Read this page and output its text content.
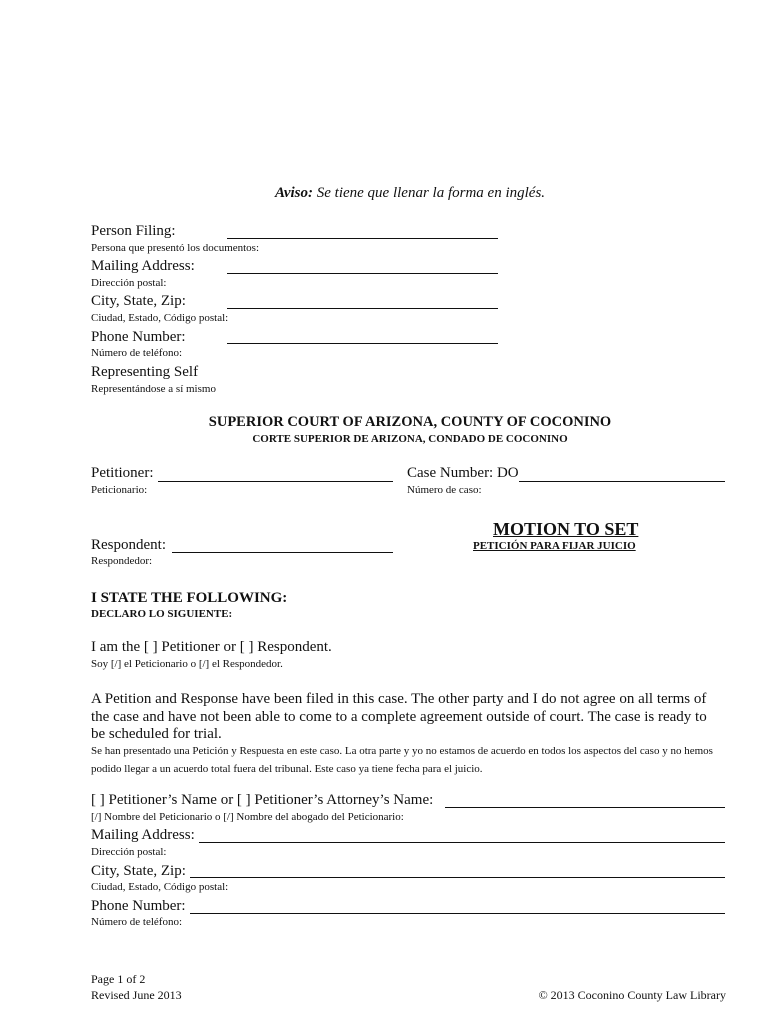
Aviso: Se tiene que llenar la forma en inglés.
Person Filing:
Persona que presentó los documentos:
Mailing Address:
Dirección postal:
City, State, Zip:
Ciudad, Estado, Código postal:
Phone Number:
Número de teléfono:
Representing Self
Representándose a sí mismo
SUPERIOR COURT OF ARIZONA, COUNTY OF COCONINO
CORTE SUPERIOR DE ARIZONA, CONDADO DE COCONINO
Petitioner:
Peticionario:
Case Number: DO
Número de caso:
MOTION TO SET
PETICIÓN PARA FIJAR JUICIO
Respondent:
Respondedor:
I STATE THE FOLLOWING:
DECLARO LO SIGUIENTE:
I am the [ ] Petitioner or [ ] Respondent.
Soy [/] el Peticionario o [/] el Respondedor.
A Petition and Response have been filed in this case. The other party and I do not agree on all terms of the case and have not been able to come to a complete agreement outside of court. The case is ready to be scheduled for trial.
Se han presentado una Petición y Respuesta en este caso. La otra parte y yo no estamos de acuerdo en todos los aspectos del caso y no hemos podido llegar a un acuerdo total fuera del tribunal. Este caso ya tiene fecha para el juicio.
[ ] Petitioner’s Name or [ ] Petitioner’s Attorney’s Name:
[/] Nombre del Peticionario o [/] Nombre del abogado del Peticionario:
Mailing Address:
Dirección postal:
City, State, Zip:
Ciudad, Estado, Código postal:
Phone Number:
Número de teléfono:
Page 1 of 2
Revised June 2013	© 2013 Coconino County Law Library
